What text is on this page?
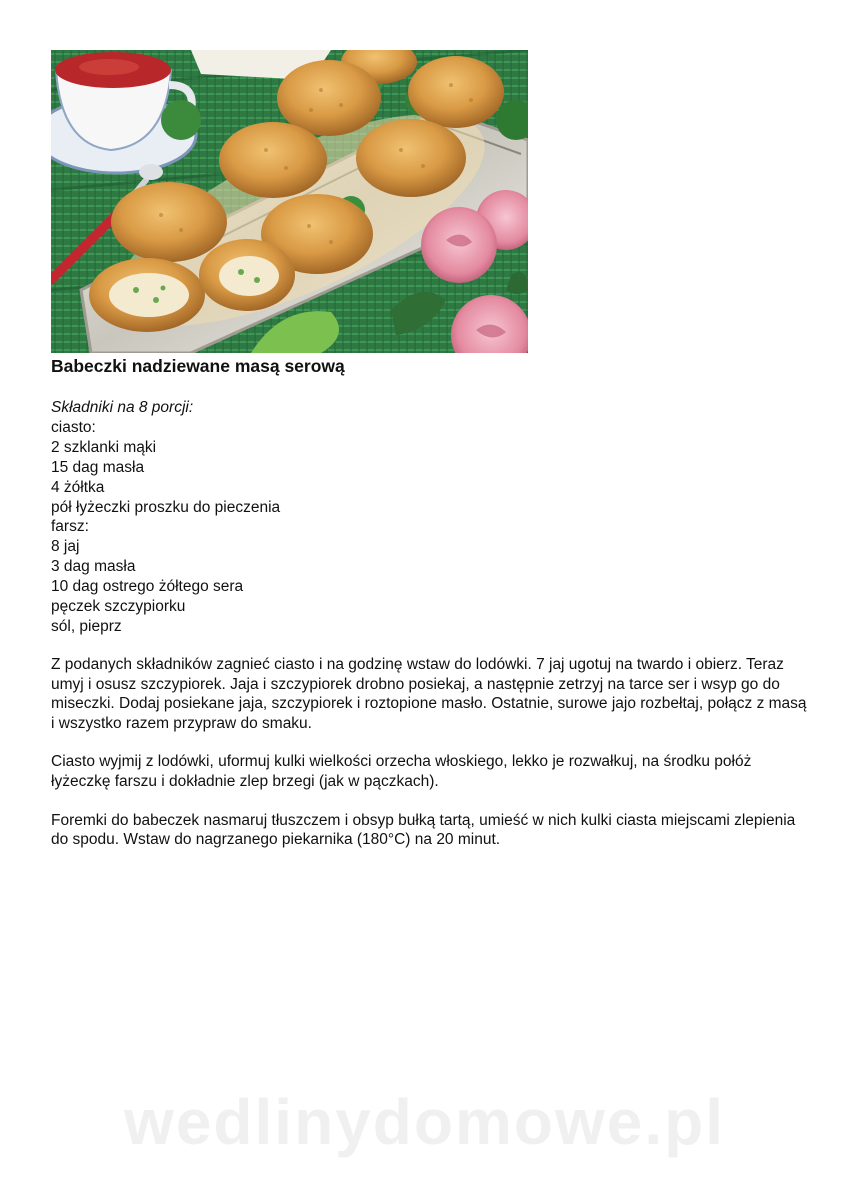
Babeczki nadziewane masą serową
Składniki na 8 porcji:
ciasto:
2 szklanki mąki
15 dag masła
4 żółtka
pół łyżeczki proszku do pieczenia
farsz:
8 jaj
3 dag masła
10 dag ostrego żółtego sera
pęczek szczypiorku
sól, pieprz

Z podanych składników zagnieć ciasto i na godzinę wstaw do lodówki. 7 jaj ugotuj na twardo i obierz. Teraz umyj i osusz szczypiorek. Jaja i szczypiorek drobno posiekaj, a następnie zetrzyj na tarce ser i wsyp go do miseczki. Dodaj posiekane jaja, szczypiorek i roztopione masło. Ostatnie, surowe jajo rozbełtaj, połącz z masą i wszystko razem przypraw do smaku.

Ciasto wyjmij z lodówki, uformuj kulki wielkości orzecha włoskiego, lekko je rozwałkuj, na środku połóż łyżeczkę farszu i dokładnie zlep brzegi (jak w pączkach).

Foremki do babeczek nasmaruj tłuszczem i obsyp bułką tartą, umieść w nich kulki ciasta miejscami zlepienia do spodu. Wstaw do nagrzanego piekarnika (180°C) na 20 minut.

wedlinydomowe.pl
